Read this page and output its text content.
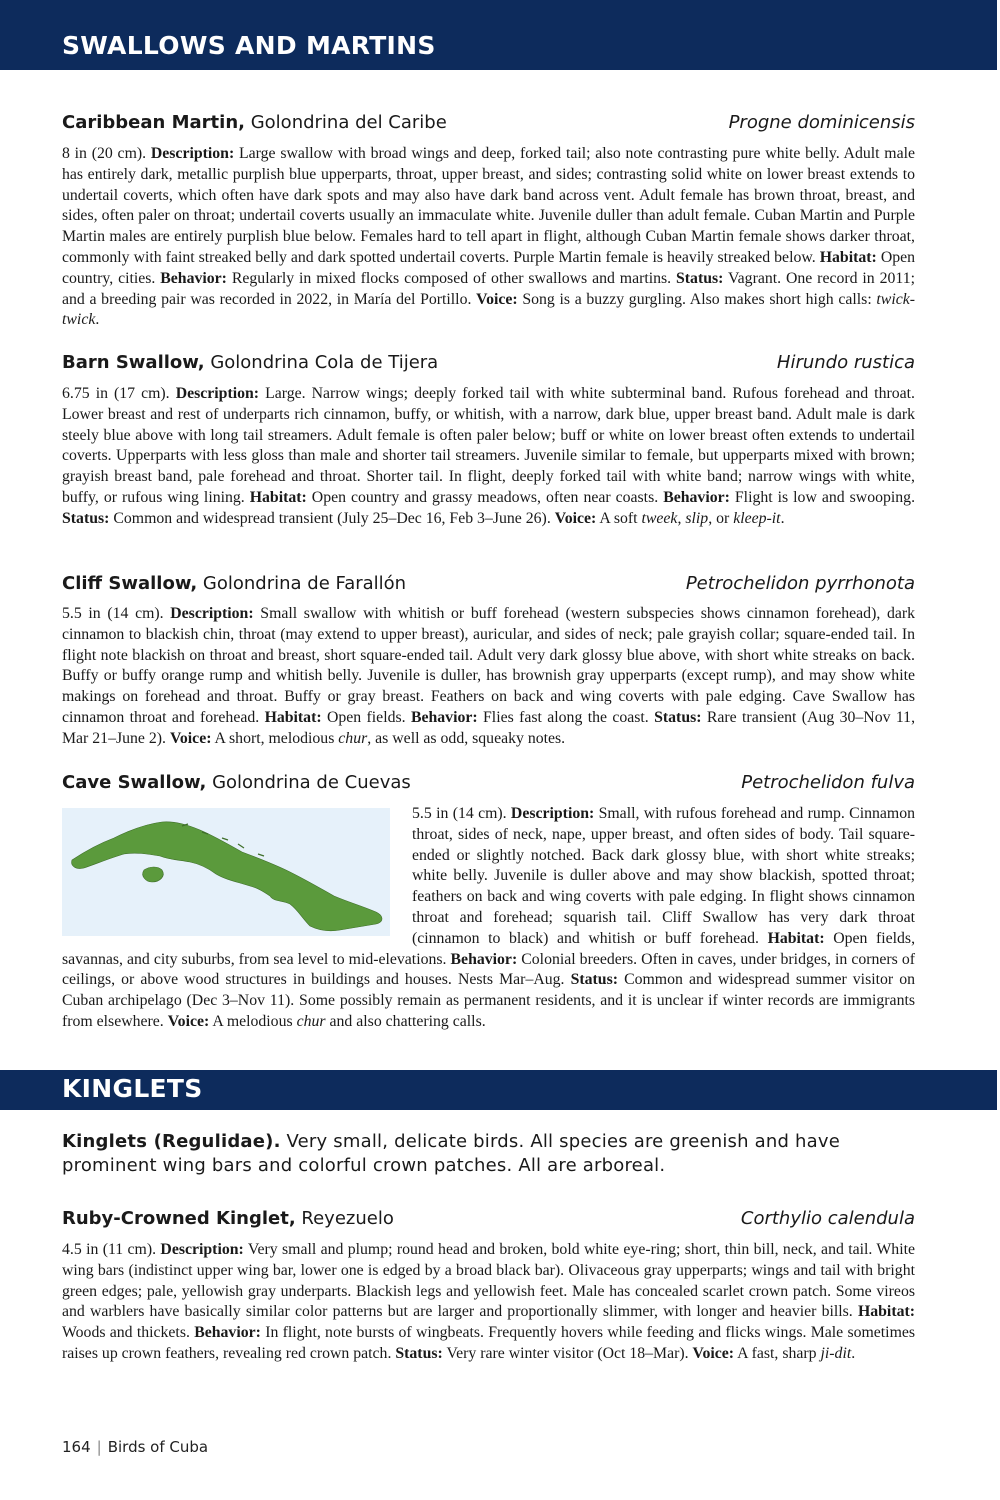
SWALLOWS AND MARTINS
Caribbean Martin, Golondrina del Caribe	Progne dominicensis

8 in (20 cm). Description: Large swallow with broad wings and deep, forked tail; also note contrasting pure white belly. Adult male has entirely dark, metallic purplish blue upperparts, throat, upper breast, and sides; contrasting solid white on lower breast extends to undertail coverts, which often have dark spots and may also have dark band across vent. Adult female has brown throat, breast, and sides, often paler on throat; undertail coverts usually an immaculate white. Juvenile duller than adult female. Cuban Martin and Purple Martin males are entirely purplish blue below. Females hard to tell apart in flight, although Cuban Martin female shows darker throat, commonly with faint streaked belly and dark spotted undertail coverts. Purple Martin female is heavily streaked below. Habitat: Open country, cities. Behavior: Regularly in mixed flocks composed of other swallows and martins. Status: Vagrant. One record in 2011; and a breeding pair was recorded in 2022, in María del Portillo. Voice: Song is a buzzy gurgling. Also makes short high calls: twick-twick.

Barn Swallow, Golondrina Cola de Tijera	Hirundo rustica

6.75 in (17 cm). Description: Large. Narrow wings; deeply forked tail with white subterminal band. Rufous forehead and throat. Lower breast and rest of underparts rich cinnamon, buffy, or whitish, with a narrow, dark blue, upper breast band. Adult male is dark steely blue above with long tail streamers. Adult female is often paler below; buff or white on lower breast often extends to undertail coverts. Upperparts with less gloss than male and shorter tail streamers. Juvenile similar to female, but upperparts mixed with brown; grayish breast band, pale forehead and throat. Shorter tail. In flight, deeply forked tail with white band; narrow wings with white, buffy, or rufous wing lining. Habitat: Open country and grassy meadows, often near coasts. Behavior: Flight is low and swooping. Status: Common and widespread transient (July 25–Dec 16, Feb 3–June 26). Voice: A soft tweek, slip, or kleep-it.

Cliff Swallow, Golondrina de Farallón	Petrochelidon pyrrhonota

5.5 in (14 cm). Description: Small swallow with whitish or buff forehead (western subspecies shows cinnamon forehead), dark cinnamon to blackish chin, throat (may extend to upper breast), auricular, and sides of neck; pale grayish collar; square-ended tail. In flight note blackish on throat and breast, short square-ended tail. Adult very dark glossy blue above, with short white streaks on back. Buffy or buffy orange rump and whitish belly. Juvenile is duller, has brownish gray upperparts (except rump), and may show white makings on forehead and throat. Buffy or gray breast. Feathers on back and wing coverts with pale edging. Cave Swallow has cinnamon throat and forehead. Habitat: Open fields. Behavior: Flies fast along the coast. Status: Rare transient (Aug 30–Nov 11, Mar 21–June 2). Voice: A short, melodious chur, as well as odd, squeaky notes.

Cave Swallow, Golondrina de Cuevas	Petrochelidon fulva
5.5 in (14 cm). Description: Small, with rufous forehead and rump. Cinnamon throat, sides of neck, nape, upper breast, and often sides of body. Tail square-ended or slightly notched. Back dark glossy blue, with short white streaks; white belly. Juvenile is duller above and may show blackish, spotted throat; feathers on back and wing coverts with pale edging. In flight shows cinnamon throat and forehead; squarish tail. Cliff Swallow has very dark throat (cinnamon to black) and whitish or buff forehead. Habitat: Open fields, savannas, and city suburbs, from sea level to mid-elevations. Behavior: Colonial breeders. Often in caves, under bridges, in corners of ceilings, or above wood structures in buildings and houses. Nests Mar–Aug. Status: Common and widespread summer visitor on Cuban archipelago (Dec 3–Nov 11). Some possibly remain as permanent residents, and it is unclear if winter records are immigrants from elsewhere. Voice: A melodious chur and also chattering calls.
KINGLETS
Kinglets (Regulidae). Very small, delicate birds. All species are greenish and have prominent wing bars and colorful crown patches. All are arboreal.
Ruby-Crowned Kinglet, Reyezuelo	Corthylio calendula

4.5 in (11 cm). Description: Very small and plump; round head and broken, bold white eye-ring; short, thin bill, neck, and tail. White wing bars (indistinct upper wing bar, lower one is edged by a broad black bar). Olivaceous gray upperparts; wings and tail with bright green edges; pale, yellowish gray underparts. Blackish legs and yellowish feet. Male has concealed scarlet crown patch. Some vireos and warblers have basically similar color patterns but are larger and proportionally slimmer, with longer and heavier bills. Habitat: Woods and thickets. Behavior: In flight, note bursts of wingbeats. Frequently hovers while feeding and flicks wings. Male sometimes raises up crown feathers, revealing red crown patch. Status: Very rare winter visitor (Oct 18–Mar). Voice: A fast, sharp ji-dit.

164 | Birds of Cuba
